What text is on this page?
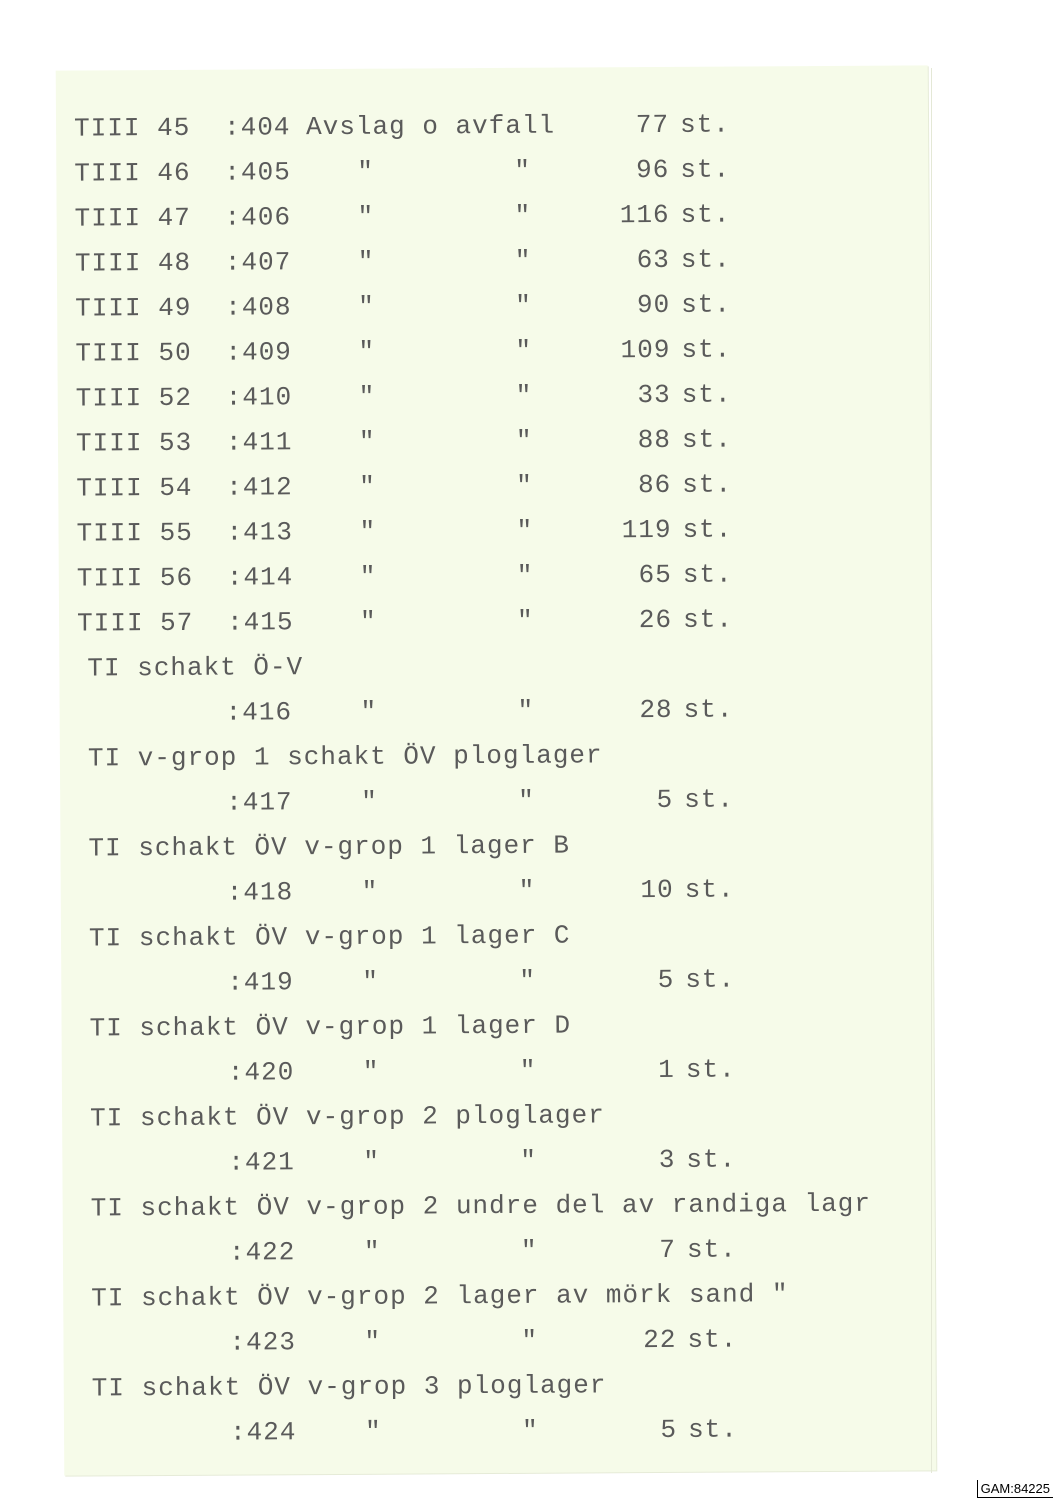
TIII 45 :404 Avslag o avfall	77 st.
TIII 46 :405	"	"	96 st.
TIII 47 :406	"	"	116 st.
TIII 48 :407	"	"	63 st.
TIII 49 :408	"	"	90 st.
TIII 50 :409	"	"	109 st.
TIII 52 :410	"	"	33 st.
TIII 53 :411	"	"	88 st.
TIII 54 :412	"	"	86 st.
TIII 55 :413	"	"	119 st.
TIII 56 :414	"	"	65 st.
TIII 57 :415	"	"	26 st.
TI schakt Ö-V
:416	"	"	28 st.
TI v-grop 1 schakt ÖV ploglager
:417	"	"	5 st.
TI schakt ÖV v-grop 1 lager B
:418	"	"	10 st.
TI schakt ÖV v-grop 1 lager C
:419	"	"	5 st.
TI schakt ÖV v-grop 1 lager D
:420	"	"	1 st.
TI schakt ÖV v-grop 2 ploglager
:421	"	"	3 st.
TI schakt ÖV v-grop 2 undre del av randiga lagr
:422	"	"	7 st.
TI schakt ÖV v-grop 2 lager av mörk sand "
:423	"	"	22 st.
TI schakt ÖV v-grop 3 ploglager
:424	"	"	5 st.
GAM:84225
